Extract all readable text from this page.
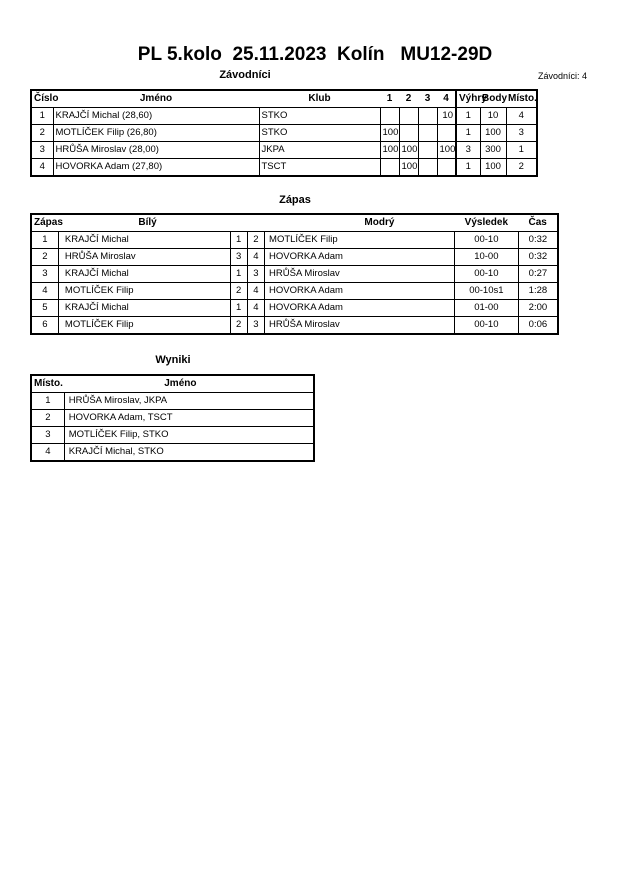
PL 5.kolo  25.11.2023  Kolín   MU12-29D
Závodníci	Závodníci: 4
Číslo	Jméno	Klub	1	2	3	4	Výhry	Body	Místo.
1	KRAJČÍ Michal (28,60)	STKO				10	1	10	4
2	MOTLÍČEK Filip (26,80)	STKO	100				1	100	3
3	HRŮŠA Miroslav (28,00)	JKPA	100	100		100	3	300	1
4	HOVORKA Adam (27,80)	TSCT		100			1	100	2
Zápas
Zápas	Bílý			Modrý	Výsledek	Čas
1	KRAJČÍ Michal	1	2	MOTLÍČEK Filip	00-10	0:32
2	HRŮŠA Miroslav	3	4	HOVORKA Adam	10-00	0:32
3	KRAJČÍ Michal	1	3	HRŮŠA Miroslav	00-10	0:27
4	MOTLÍČEK Filip	2	4	HOVORKA Adam	00-10s1	1:28
5	KRAJČÍ Michal	1	4	HOVORKA Adam	01-00	2:00
6	MOTLÍČEK Filip	2	3	HRŮŠA Miroslav	00-10	0:06
Wyniki
Místo.	Jméno
1	HRŮŠA Miroslav, JKPA
2	HOVORKA Adam, TSCT
3	MOTLÍČEK Filip, STKO
4	KRAJČÍ Michal, STKO
